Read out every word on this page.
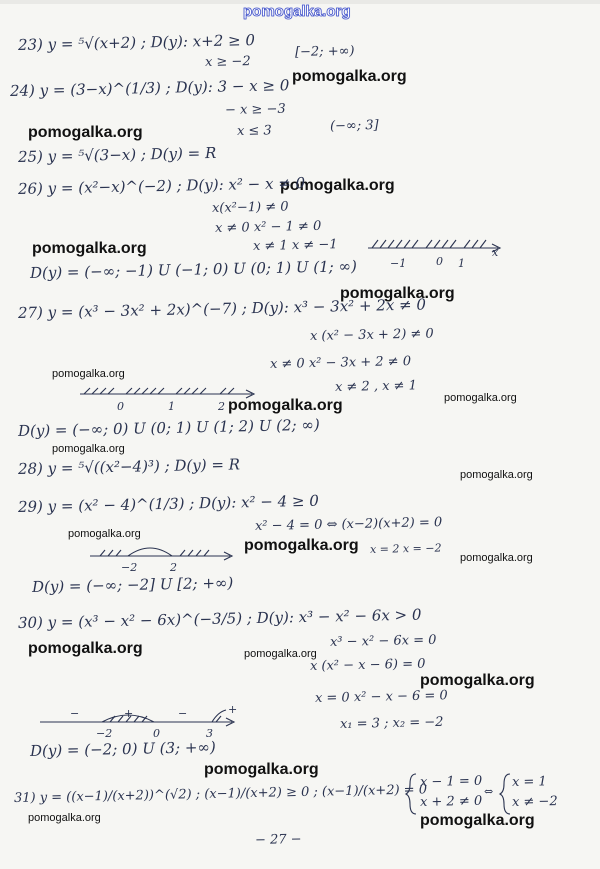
pomogalka.org
pomogalka.org
pomogalka.org
pomogalka.org
pomogalka.org
pomogalka.org
pomogalka.org
pomogalka.org	pomogalka.org
pomogalka.org
pomogalka.org
pomogalka.org
pomogalka.org
pomogalka.org
pomogalka.org	pomogalka.org
pomogalka.org
pomogalka.org
pomogalka.org	pomogalka.org
23) y = ⁵√(x+2) ; D(y): x+2 ≥ 0
x ≥ −2
[−2; +∞)
24) y = (3−x)^(1/3) ; D(y): 3 − x ≥ 0
− x ≥ −3
x ≤ 3	(−∞; 3]
25) y = ⁵√(3−x) ; D(y) = R
26) y = (x²−x)^(−2) ; D(y): x² − x ≠ 0
x(x²−1) ≠ 0
x ≠ 0 x² − 1 ≠ 0
x ≠ 1 x ≠ −1
−1	0 1
x
D(y) = (−∞; −1) U (−1; 0) U (0; 1) U (1; ∞)
27) y = (x³ − 3x² + 2x)^(−7) ; D(y): x³ − 3x² + 2x ≠ 0
x (x² − 3x + 2) ≠ 0
x ≠ 0 x² − 3x + 2 ≠ 0
x ≠ 2 , x ≠ 1
0	1	2
D(y) = (−∞; 0) U (0; 1) U (1; 2) U (2; ∞)
28) y = ⁵√((x²−4)³) ; D(y) = R
29) y = (x² − 4)^(1/3) ; D(y): x² − 4 ≥ 0
x² − 4 = 0 ⇔ (x−2)(x+2) = 0
x = 2 x = −2
−2	2
D(y) = (−∞; −2] U [2; +∞)
30) y = (x³ − x² − 6x)^(−3/5) ; D(y): x³ − x² − 6x > 0
x³ − x² − 6x = 0
x (x² − x − 6) = 0
x = 0 x² − x − 6 = 0
x₁ = 3 ; x₂ = −2
−	+	−	+
−2	0	3
D(y) = (−2; 0) U (3; +∞)
31) y = ((x−1)/(x+2))^(√2) ; (x−1)/(x+2) ≥ 0 ; (x−1)/(x+2) = 0
x − 1 = 0
x + 2 ≠ 0
⇔
x = 1
x ≠ −2
− 27 −
